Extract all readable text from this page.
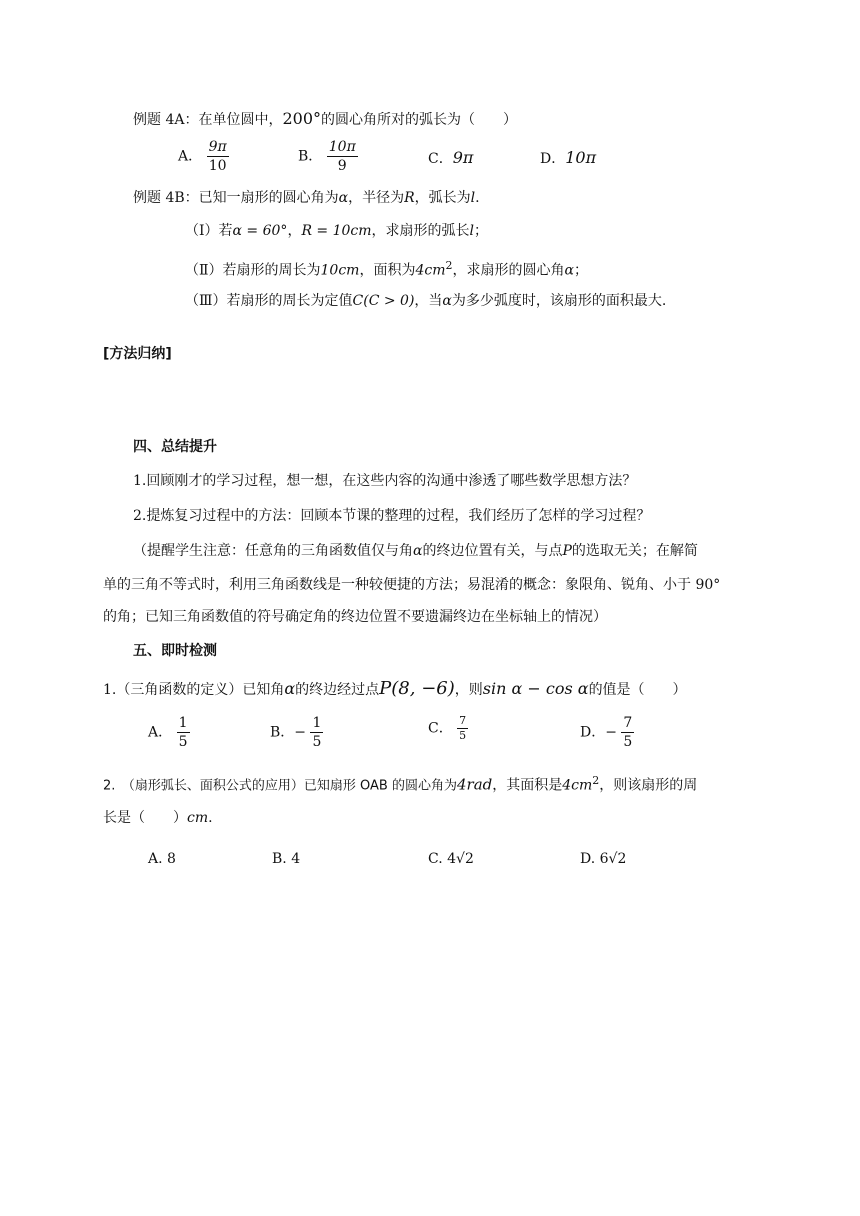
例题 4A：在单位圆中，200°的圆心角所对的弧长为（　　）
A． $\frac{9\pi}{10}$	B． $\frac{10\pi}{9}$	C．9π	D．10π
例题 4B：已知一扇形的圆心角为α，半径为R，弧长为l.
（Ⅰ）若α = 60°，R = 10cm，求扇形的弧长l；
（Ⅱ）若扇形的周长为10cm，面积为$4cm^2$，求扇形的圆心角α；
（Ⅲ）若扇形的周长为定值C(C > 0)，当α为多少弧度时，该扇形的面积最大.
[方法归纳]
四、总结提升
1.回顾刚才的学习过程，想一想，在这些内容的沟通中渗透了哪些数学思想方法？
2.提炼复习过程中的方法：回顾本节课的整理的过程，我们经历了怎样的学习过程？
（提醒学生注意：任意角的三角函数值仅与角α的终边位置有关，与点P的选取无关；在解简
单的三角不等式时，利用三角函数线是一种较便捷的方法；易混淆的概念：象限角、锐角、小于 90°
的角；已知三角函数值的符号确定角的终边位置不要遗漏终边在坐标轴上的情况）
五、即时检测
1.（三角函数的定义）已知角α的终边经过点P(8, −6)，则sin α − cos α的值是（　　）
A． $\frac{1}{5}$	B．− $\frac{1}{5}$	C． $\frac{7}{5}$	D．− $\frac{7}{5}$
2.　（扇形弧长、面积公式的应用）已知扇形 OAB 的圆心角为4rad，其面积是$4cm^2$，则该扇形的周
长是（　　）cm.
A. 8	B. 4	C. 4√2	D. 6√2
